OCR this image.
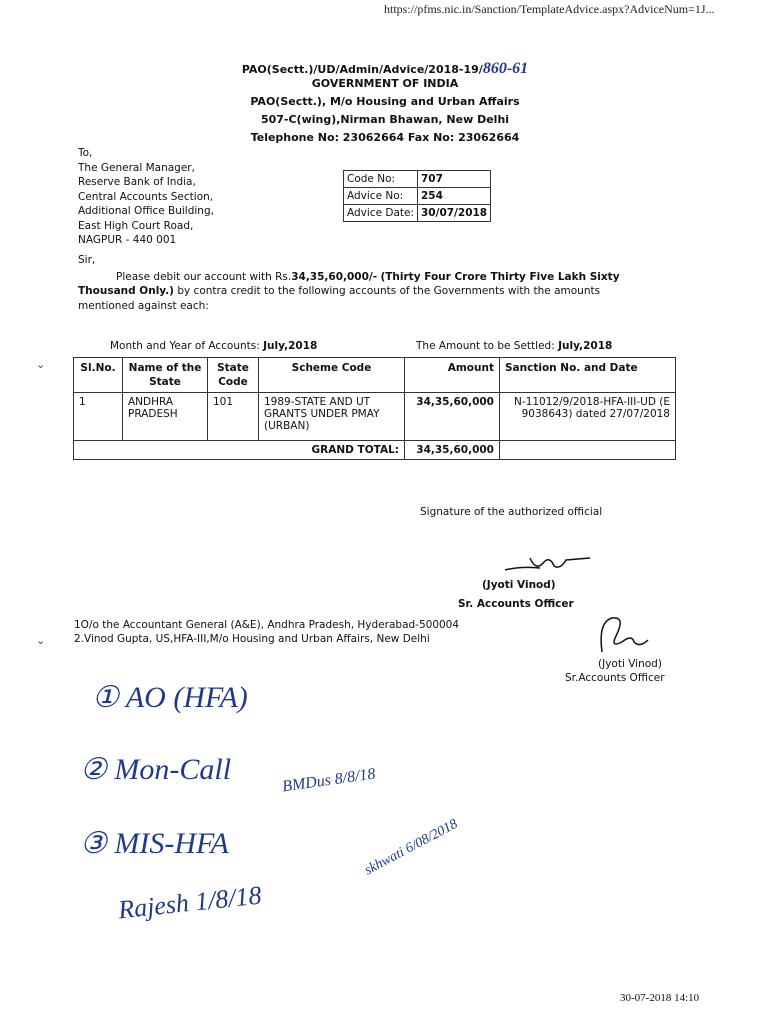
https://pfms.nic.in/Sanction/TemplateAdvice.aspx?AdviceNum=1J...
PAO(Sectt.)/UD/Admin/Advice/2018-19/860-61
GOVERNMENT OF INDIA
PAO(Sectt.), M/o Housing and Urban Affairs
507-C(wing),Nirman Bhawan, New Delhi
Telephone No: 23062664 Fax No: 23062664
To,
The General Manager,
Reserve Bank of India,
Central Accounts Section,
Additional Office Building,
East High Court Road,
NAGPUR - 440 001
Code No:	707
Advice No:	254
Advice Date:	30/07/2018
Sir,
Please debit our account with Rs.34,35,60,000/- (Thirty Four Crore Thirty Five Lakh Sixty Thousand Only.) by contra credit to the following accounts of the Governments with the amounts mentioned against each:
Month and Year of Accounts: July,2018	The Amount to be Settled: July,2018
Sl.No.	Name of the State	State Code	Scheme Code	Amount	Sanction No. and Date
1	ANDHRA PRADESH	101	1989-STATE AND UT GRANTS UNDER PMAY (URBAN)	34,35,60,000	N-11012/9/2018-HFA-III-UD (E 9038643) dated 27/07/2018
GRAND TOTAL:				34,35,60,000	
Signature of the authorized official
(Jyoti Vinod)
Sr. Accounts Officer
1O/o the Accountant General (A&E), Andhra Pradesh, Hyderabad-500004
2.Vinod Gupta, US,HFA-III,M/o Housing and Urban Affairs, New Delhi
(Jyoti Vinod)
Sr.Accounts Officer
⌄
⌄
① AO (HFA)
② Mon-Call	BMDus 8/8/18
③ MIS-HFA	skhwati 6/08/2018
Rajesh 1/8/18
30-07-2018 14:10
